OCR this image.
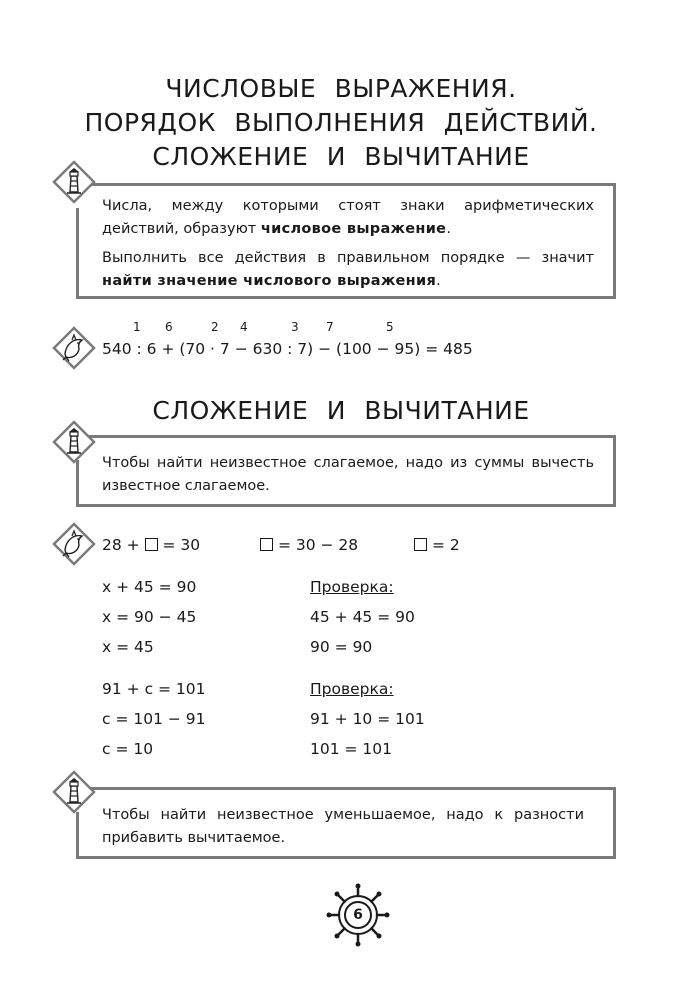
ЧИСЛОВЫЕ ВЫРАЖЕНИЯ.
ПОРЯДОК ВЫПОЛНЕНИЯ ДЕЙСТВИЙ.
СЛОЖЕНИЕ И ВЫЧИТАНИЕ
Числа, между которыми стоят знаки арифметических действий, образуют числовое выражение.
Выполнить все действия в правильном порядке — значит найти значение числового выражения.
1 6	2 4	3 7	5
540 : 6 + (70 · 7 − 630 : 7) − (100 − 95) = 485
СЛОЖЕНИЕ И ВЫЧИТАНИЕ
Чтобы найти неизвестное слагаемое, надо из суммы вычесть известное слагаемое.
28 + = 30	= 30 − 28	= 2
x + 45 = 90
x = 90 − 45
x = 45
Проверка:
45 + 45 = 90
90 = 90
91 + c = 101
c = 101 − 91
c = 10
Проверка:
91 + 10 = 101
101 = 101
Чтобы найти неизвестное уменьшаемое, надо к разности прибавить вычитаемое.
6
